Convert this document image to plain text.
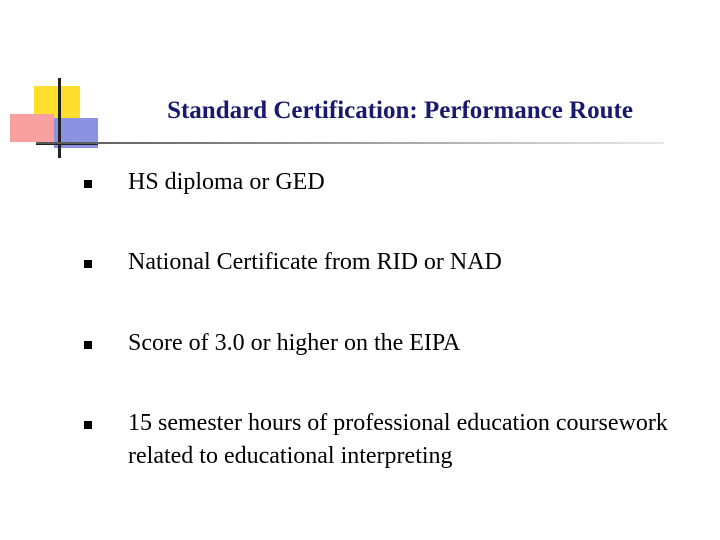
Standard Certification: Performance Route
HS diploma or GED
National Certificate from RID or NAD
Score of 3.0 or higher on the EIPA
15 semester hours of professional education coursework related to educational interpreting
